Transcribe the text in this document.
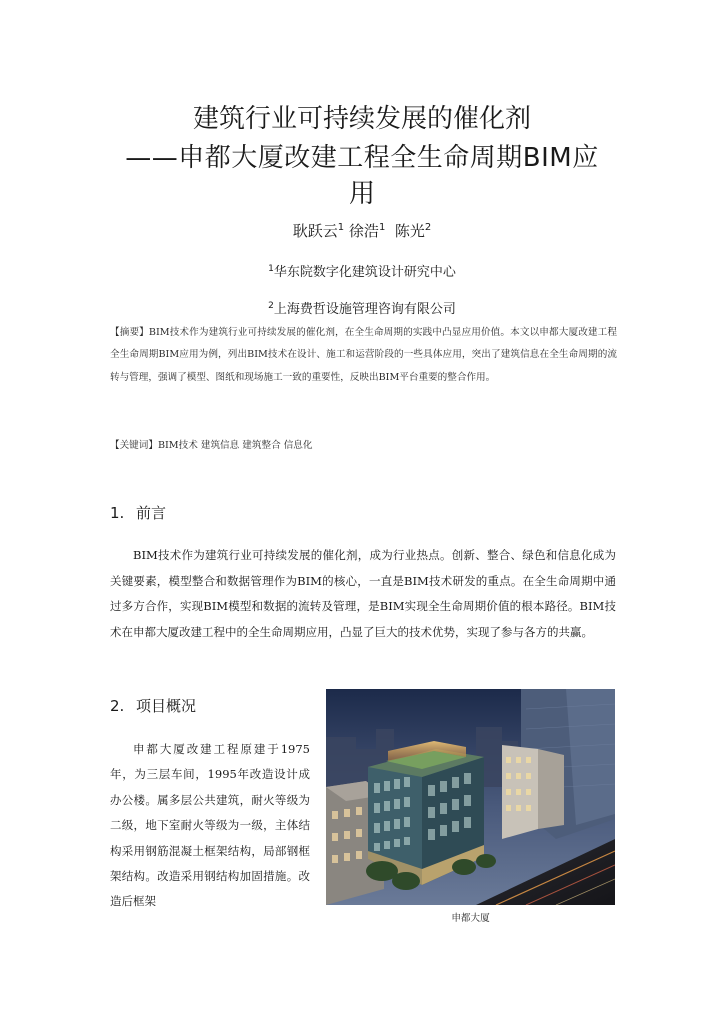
建筑行业可持续发展的催化剂
——申都大厦改建工程全生命周期BIM应
用
耿跃云$^1$ 徐浩$^1$ 陈光$^2$
$^1$华东院数字化建筑设计研究中心
$^2$上海费哲设施管理咨询有限公司

【摘要】BIM技术作为建筑行业可持续发展的催化剂，在全生命周期的实践中凸显应用价值。本文以申都大厦改建工程全生命周期BIM应用为例，列出BIM技术在设计、施工和运营阶段的一些具体应用，突出了建筑信息在全生命周期的流转与管理，强调了模型、图纸和现场施工一致的重要性，反映出BIM平台重要的整合作用。

【关键词】BIM技术 建筑信息 建筑整合 信息化
1. 前言

BIM技术作为建筑行业可持续发展的催化剂，成为行业热点。创新、整合、绿色和信息化成为关键要素，模型整合和数据管理作为BIM的核心，一直是BIM技术研发的重点。在全生命周期中通过多方合作，实现BIM模型和数据的流转及管理，是BIM实现全生命周期价值的根本路径。BIM技术在申都大厦改建工程中的全生命周期应用，凸显了巨大的技术优势，实现了参与各方的共赢。

2. 项目概况

申都大厦改建工程原建于1975年，为三层车间，1995年改造设计成办公楼。属多层公共建筑，耐火等级为二级，地下室耐火等级为一级，主体结构采用钢筋混凝土框架结构，局部钢框架结构。改造采用钢结构加固措施。改造后框架

申都大厦
